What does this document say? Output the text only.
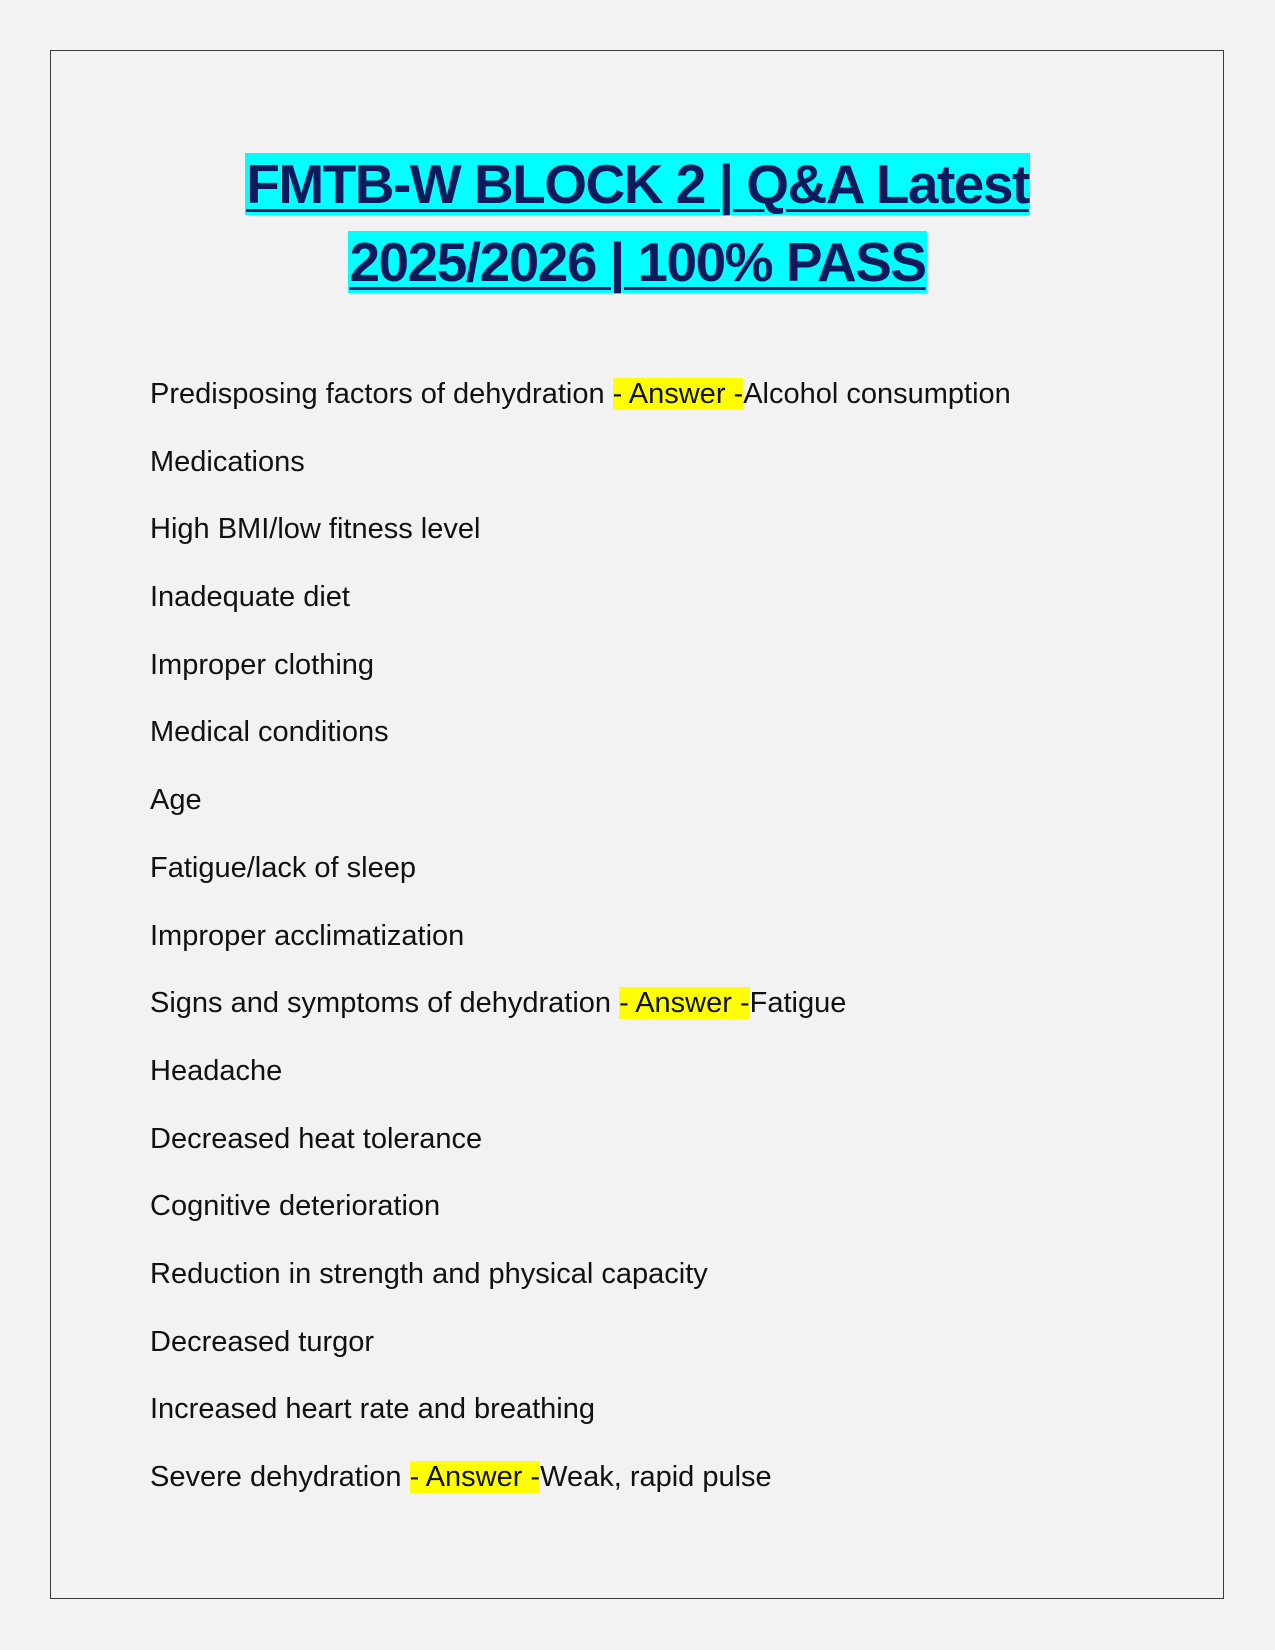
FMTB-W BLOCK 2 | Q&A Latest
2025/2026 | 100% PASS
Predisposing factors of dehydration - Answer -Alcohol consumption
Medications
High BMI/low fitness level
Inadequate diet
Improper clothing
Medical conditions
Age
Fatigue/lack of sleep
Improper acclimatization
Signs and symptoms of dehydration - Answer -Fatigue
Headache
Decreased heat tolerance
Cognitive deterioration
Reduction in strength and physical capacity
Decreased turgor
Increased heart rate and breathing
Severe dehydration - Answer -Weak, rapid pulse
